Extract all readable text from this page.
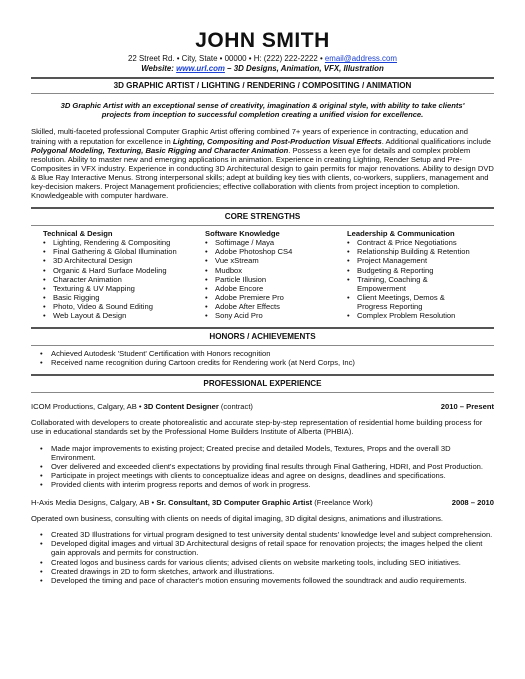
JOHN SMITH
22 Street Rd. • City, State • 00000 • H: (222) 222-2222 • email@address.com
Website: www.url.com – 3D Designs, Animation, VFX, Illustration
3D GRAPHIC ARTIST / LIGHTING / RENDERING / COMPOSITING / ANIMATION
3D Graphic Artist with an exceptional sense of creativity, imagination & original style, with ability to take clients'
projects from inception to successful completion creating a unified vision for excellence.
Skilled, multi-faceted professional Computer Graphic Artist offering combined 7+ years of experience in contracting, education and training with a reputation for excellence in Lighting, Compositing and Post-Production Visual Effects. Additional qualifications include Polygonal Modeling, Texturing, Basic Rigging and Character Animation. Possess a keen eye for details and complex problem resolution. Ability to master new and emerging applications in animation. Experience in creating Lighting, Render Setup and Pre-Composites in VFX industry. Experience in conducting 3D Architectural design to gain permits for major renovations. Ability to design DVD & Blue Ray Interactive Menus. Strong interpersonal skills; adept at building key ties with clients, co-workers, suppliers, management and key-decision makers. Project Management proficiencies; effective collaboration with clients from project inception to completion. Knowledgeable with computer hardware.
CORE STRENGTHS
Technical & Design
• Lighting, Rendering & Compositing
• Final Gathering & Global Illumination
• 3D Architectural Design
• Organic & Hard Surface Modeling
• Character Animation
• Texturing & UV Mapping
• Basic Rigging
• Photo, Video & Sound Editing
• Web Layout & Design
Software Knowledge
• Softimage / Maya
• Adobe Photoshop CS4
• Vue xStream
• Mudbox
• Particle Illusion
• Adobe Encore
• Adobe Premiere Pro
• Adobe After Effects
• Sony Acid Pro
Leadership & Communication
• Contract & Price Negotiations
• Relationship Building & Retention
• Project Management
• Budgeting & Reporting
• Training, Coaching & Empowerment
• Client Meetings, Demos & Progress Reporting
• Complex Problem Resolution
HONORS / ACHIEVEMENTS
• Achieved Autodesk 'Student' Certification with Honors recognition
• Received name recognition during Cartoon credits for Rendering work (at Nerd Corps, Inc)
PROFESSIONAL EXPERIENCE
ICOM Productions, Calgary, AB • 3D Content Designer (contract)	2010 – Present
Collaborated with developers to create photorealistic and accurate step-by-step representation of residential home building process for use in educational standards set by the Professional Home Builders Institute of Alberta (PHBIA).
• Made major improvements to existing project; Created precise and detailed Models, Textures, Props and the overall 3D Environment.
• Over delivered and exceeded client's expectations by providing final results through Final Gathering, HDRI, and Post Production.
• Participate in project meetings with clients to conceptualize ideas and agree on designs, deadlines and specifications.
• Provided clients with interim progress reports and demos of work in progress.
H-Axis Media Designs, Calgary, AB • Sr. Consultant, 3D Computer Graphic Artist (Freelance Work)	2008 – 2010
Operated own business, consulting with clients on needs of digital imaging, 3D digital designs, animations and illustrations.
• Created 3D Illustrations for virtual program designed to test university dental students' knowledge level and subject comprehension.
• Developed digital images and virtual 3D Architectural designs of retail space for renovation projects; the images helped the client gain approvals and permits for construction.
• Created logos and business cards for various clients; advised clients on website marketing tools, including SEO initiatives.
• Created drawings in 2D to form sketches, artwork and illustrations.
• Developed the timing and pace of character's motion ensuring movements followed the soundtrack and audio requirements.
